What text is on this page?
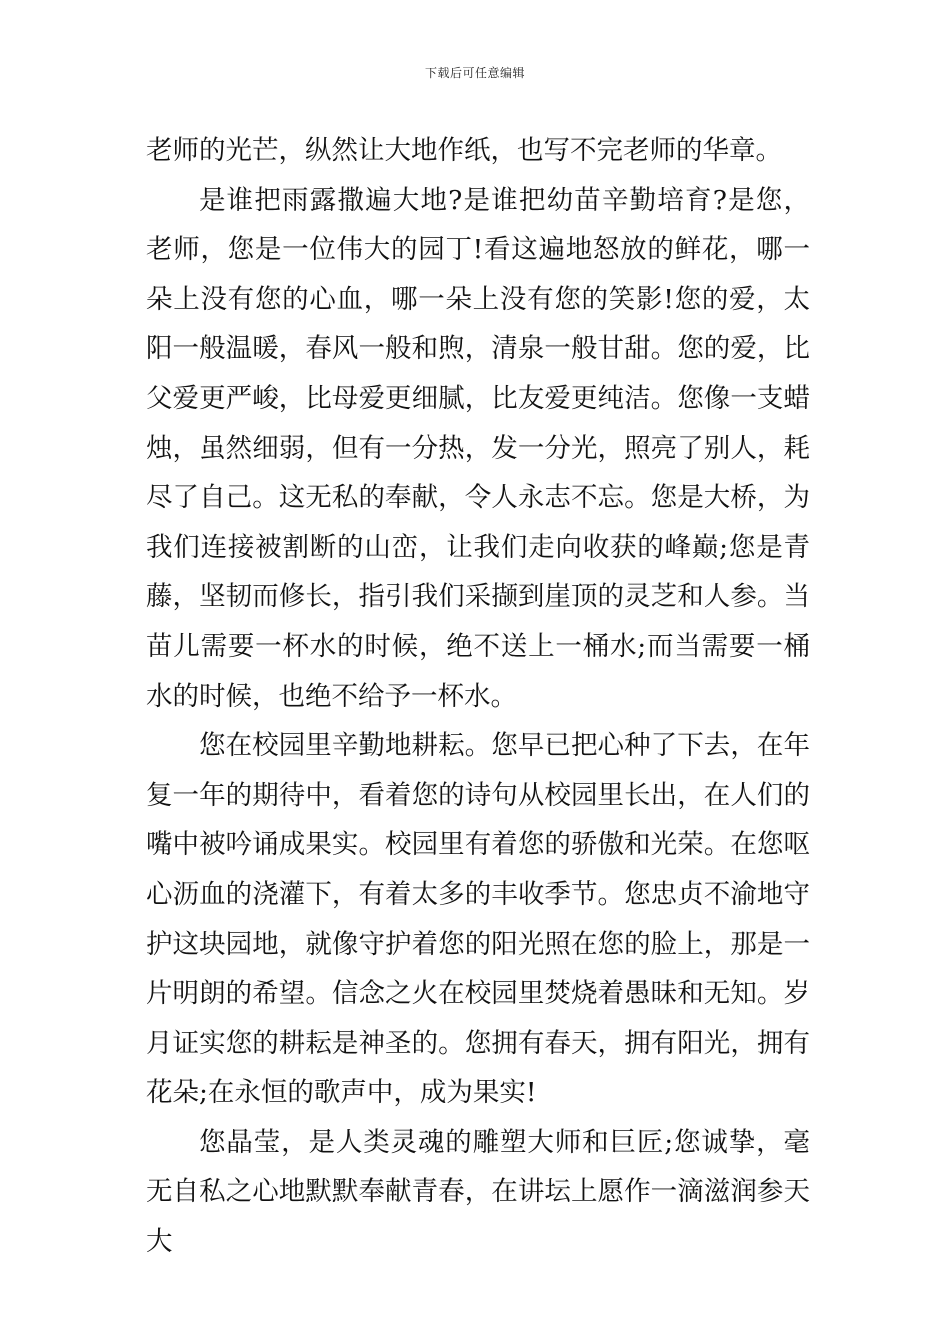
下载后可任意编辑

老师的光芒，纵然让大地作纸，也写不完老师的华章。

是谁把雨露撒遍大地?是谁把幼苗辛勤培育?是您，老师，您是一位伟大的园丁!看这遍地怒放的鲜花，哪一朵上没有您的心血，哪一朵上没有您的笑影!您的爱，太阳一般温暖，春风一般和煦，清泉一般甘甜。您的爱，比父爱更严峻，比母爱更细腻，比友爱更纯洁。您像一支蜡烛，虽然细弱，但有一分热，发一分光，照亮了别人，耗尽了自己。这无私的奉献，令人永志不忘。您是大桥，为我们连接被割断的山峦，让我们走向收获的峰巅;您是青藤，坚韧而修长，指引我们采撷到崖顶的灵芝和人参。当苗儿需要一杯水的时候，绝不送上一桶水;而当需要一桶水的时候，也绝不给予一杯水。

您在校园里辛勤地耕耘。您早已把心种了下去，在年复一年的期待中，看着您的诗句从校园里长出，在人们的嘴中被吟诵成果实。校园里有着您的骄傲和光荣。在您呕心沥血的浇灌下，有着太多的丰收季节。您忠贞不渝地守护这块园地，就像守护着您的阳光照在您的脸上，那是一片明朗的希望。信念之火在校园里焚烧着愚昧和无知。岁月证实您的耕耘是神圣的。您拥有春天，拥有阳光，拥有花朵;在永恒的歌声中，成为果实!

您晶莹，是人类灵魂的雕塑大师和巨匠;您诚挚，毫无自私之心地默默奉献青春，在讲坛上愿作一滴滋润参天大
